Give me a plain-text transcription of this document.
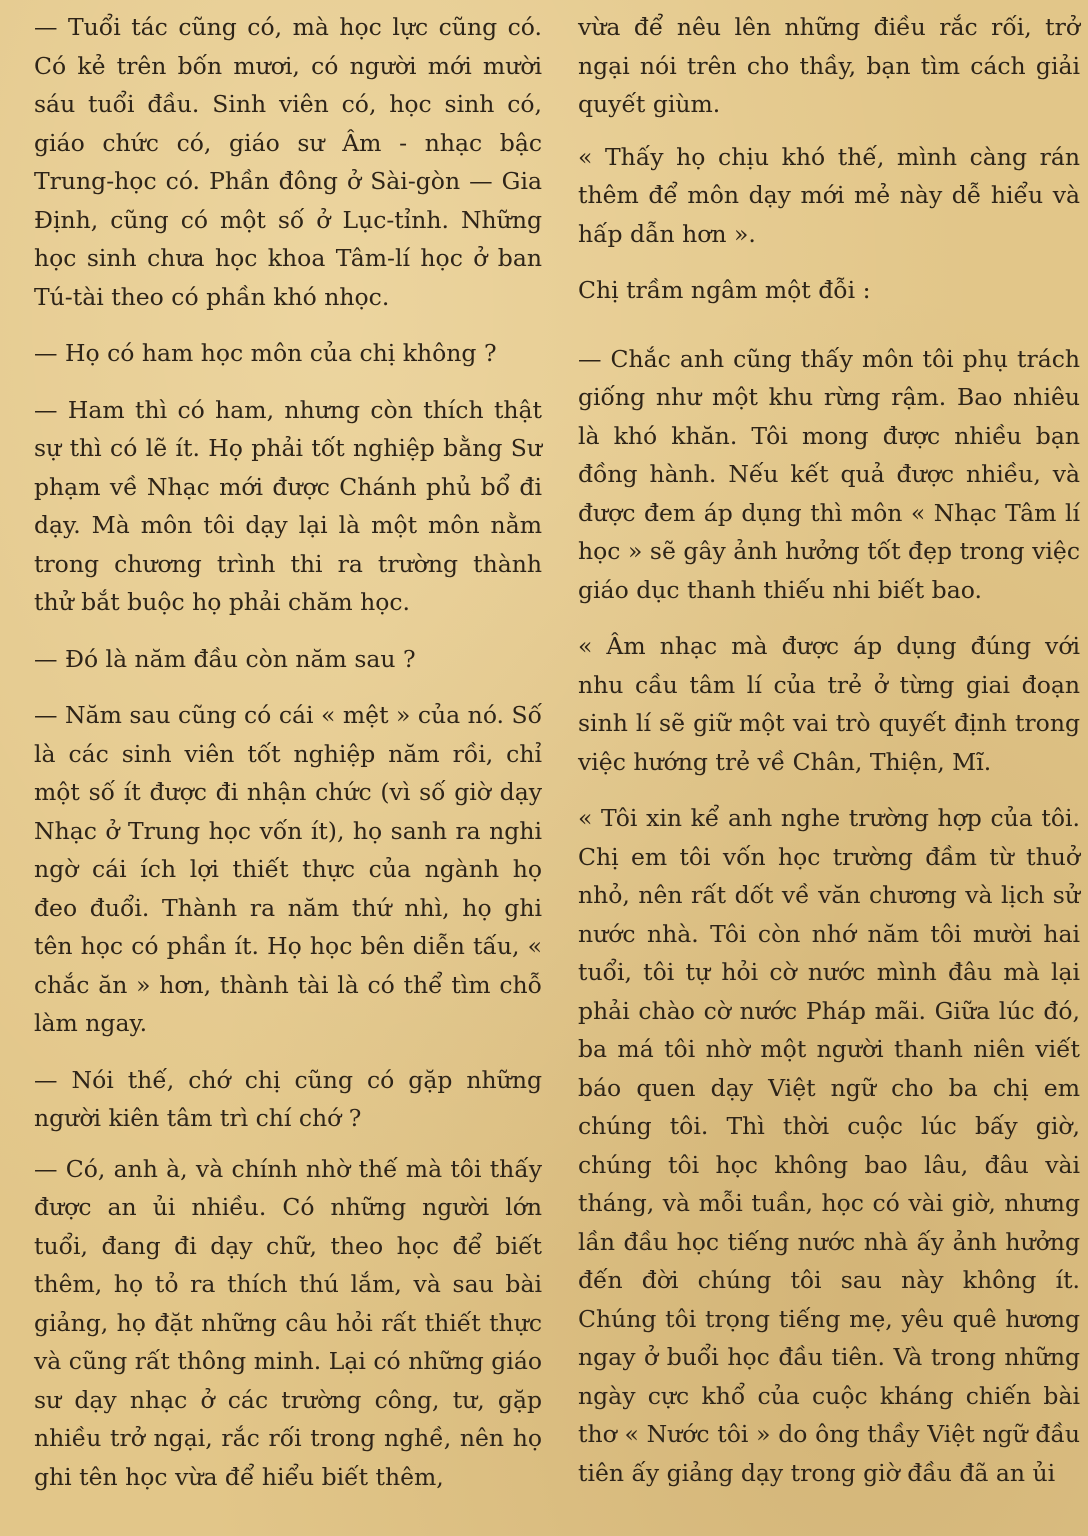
— Tuổi tác cũng có, mà học lực cũng có. Có kẻ trên bốn mươi, có người mới mười sáu tuổi đầu. Sinh viên có, học sinh có, giáo chức có, giáo sư Âm - nhạc bậc Trung-học có. Phần đông ở Sài-gòn — Gia Định, cũng có một số ở Lục-tỉnh. Những học sinh chưa học khoa Tâm-lí học ở ban Tú-tài theo có phần khó nhọc.

— Họ có ham học môn của chị không ?

— Ham thì có ham, nhưng còn thích thật sự thì có lẽ ít. Họ phải tốt nghiệp bằng Sư phạm về Nhạc mới được Chánh phủ bổ đi dạy. Mà môn tôi dạy lại là một môn nằm trong chương trình thi ra trường thành thử bắt buộc họ phải chăm học.

— Đó là năm đầu còn năm sau ?

— Năm sau cũng có cái « mệt » của nó. Số là các sinh viên tốt nghiệp năm rồi, chỉ một số ít được đi nhận chức (vì số giờ dạy Nhạc ở Trung học vốn ít), họ sanh ra nghi ngờ cái ích lợi thiết thực của ngành họ đeo đuổi. Thành ra năm thứ nhì, họ ghi tên học có phần ít. Họ học bên diễn tấu, « chắc ăn » hơn, thành tài là có thể tìm chỗ làm ngay.

— Nói thế, chớ chị cũng có gặp những người kiên tâm trì chí chớ ?

— Có, anh à, và chính nhờ thế mà tôi thấy được an ủi nhiều. Có những người lớn tuổi, đang đi dạy chữ, theo học để biết thêm, họ tỏ ra thích thú lắm, và sau bài giảng, họ đặt những câu hỏi rất thiết thực và cũng rất thông minh. Lại có những giáo sư dạy nhạc ở các trường công, tư, gặp nhiều trở ngại, rắc rối trong nghề, nên họ ghi tên học vừa để hiểu biết thêm,

vừa để nêu lên những điều rắc rối, trở ngại nói trên cho thầy, bạn tìm cách giải quyết giùm.

« Thấy họ chịu khó thế, mình càng rán thêm để môn dạy mới mẻ này dễ hiểu và hấp dẫn hơn ».

Chị trầm ngâm một đỗi :

— Chắc anh cũng thấy môn tôi phụ trách giống như một khu rừng rậm. Bao nhiêu là khó khăn. Tôi mong được nhiều bạn đồng hành. Nếu kết quả được nhiều, và được đem áp dụng thì môn « Nhạc Tâm lí học » sẽ gây ảnh hưởng tốt đẹp trong việc giáo dục thanh thiếu nhi biết bao.

« Âm nhạc mà được áp dụng đúng với nhu cầu tâm lí của trẻ ở từng giai đoạn sinh lí sẽ giữ một vai trò quyết định trong việc hướng trẻ về Chân, Thiện, Mĩ.

« Tôi xin kể anh nghe trường hợp của tôi. Chị em tôi vốn học trường đầm từ thuở nhỏ, nên rất dốt về văn chương và lịch sử nước nhà. Tôi còn nhớ năm tôi mười hai tuổi, tôi tự hỏi cờ nước mình đâu mà lại phải chào cờ nước Pháp mãi. Giữa lúc đó, ba má tôi nhờ một người thanh niên viết báo quen dạy Việt ngữ cho ba chị em chúng tôi. Thì thời cuộc lúc bấy giờ, chúng tôi học không bao lâu, đâu vài tháng, và mỗi tuần, học có vài giờ, nhưng lần đầu học tiếng nước nhà ấy ảnh hưởng đến đời chúng tôi sau này không ít. Chúng tôi trọng tiếng mẹ, yêu quê hương ngay ở buổi học đầu tiên. Và trong những ngày cực khổ của cuộc kháng chiến bài thơ « Nước tôi » do ông thầy Việt ngữ đầu tiên ấy giảng dạy trong giờ đầu đã an ủi
